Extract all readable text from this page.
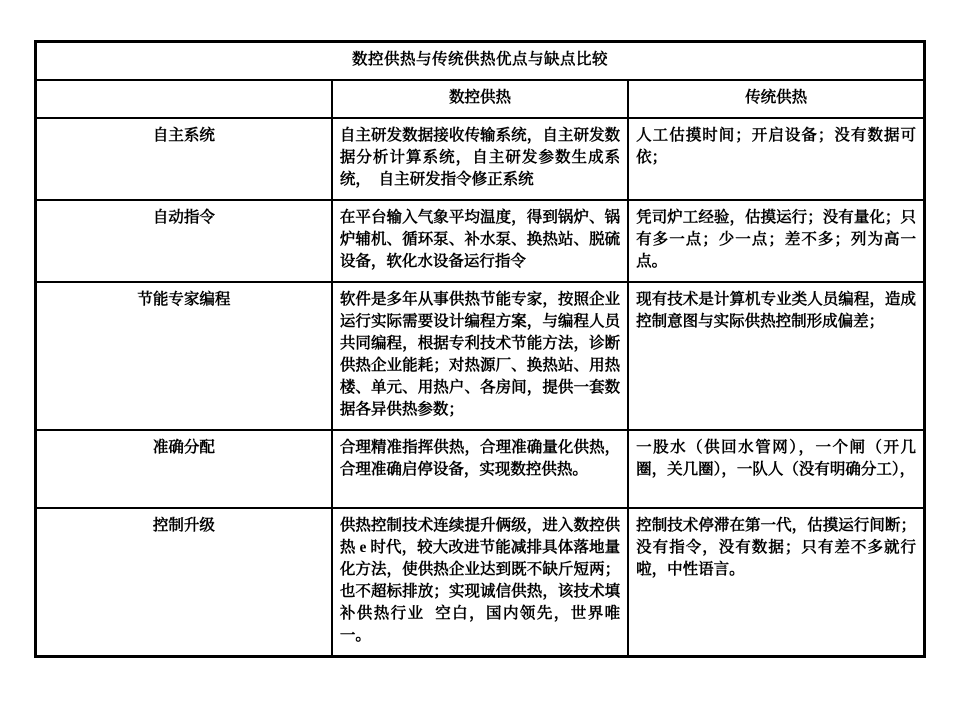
数控供热与传统供热优点与缺点比较		
	数控供热	传统供热
自主系统	自主研发数据接收传输系统，自主研发数据分析计算系统，自主研发参数生成系统，  自主研发指令修正系统	人工估摸时间；开启设备；没有数据可依；

自动指令	在平台输入气象平均温度，得到锅炉、锅炉辅机、循环泵、补水泵、换热站、脱硫设备，软化水设备运行指令	凭司炉工经验，估摸运行；没有量化；只有多一点；少一点；差不多；列为高一点。

节能专家编程	软件是多年从事供热节能专家，按照企业运行实际需要设计编程方案，与编程人员共同编程，根据专利技术节能方法，诊断供热企业能耗；对热源厂、换热站、用热楼、单元、用热户、各房间，提供一套数据各异供热参数；	现有技术是计算机专业类人员编程，造成控制意图与实际供热控制形成偏差；

准确分配	合理精准指挥供热，合理准确量化供热，合理准确启停设备，实现数控供热。	一股水（供回水管网），一个闸（开几圈，关几圈），一队人（没有明确分工），

控制升级	供热控制技术连续提升俩级，进入数控供热 e 时代，较大改进节能减排具体落地量化方法，使供热企业达到既不缺斤短两；也不超标排放；实现诚信供热，该技术填补供热行业  空白，国内领先，世界唯一。	控制技术停滞在第一代，估摸运行间断；没有指令，没有数据；只有差不多就行啦，中性语言。
